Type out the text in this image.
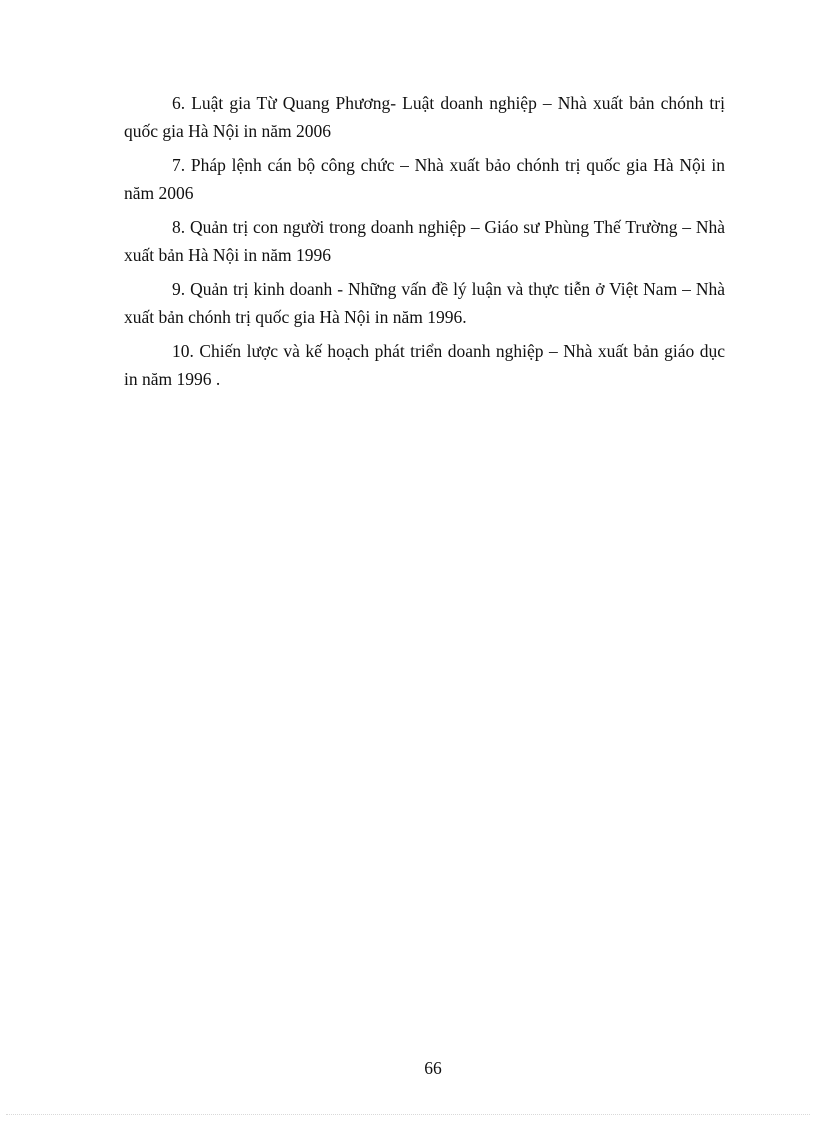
6. Luật gia Từ Quang Phương- Luật doanh nghiệp – Nhà xuất bản chónh trị quốc gia Hà Nội in năm 2006
7. Pháp lệnh cán bộ công chức – Nhà xuất bảo chónh trị quốc gia Hà Nội in năm 2006
8. Quản trị con người trong doanh nghiệp – Giáo sư Phùng Thế Trường – Nhà xuất bản Hà Nội in năm 1996
9. Quản trị kinh doanh - Những vấn đề lý luận và thực tiễn ở Việt Nam – Nhà xuất bản chónh trị quốc gia Hà Nội in năm 1996.
10. Chiến lược và kế hoạch phát triển doanh nghiệp – Nhà xuất bản giáo dục in năm 1996 .
66
